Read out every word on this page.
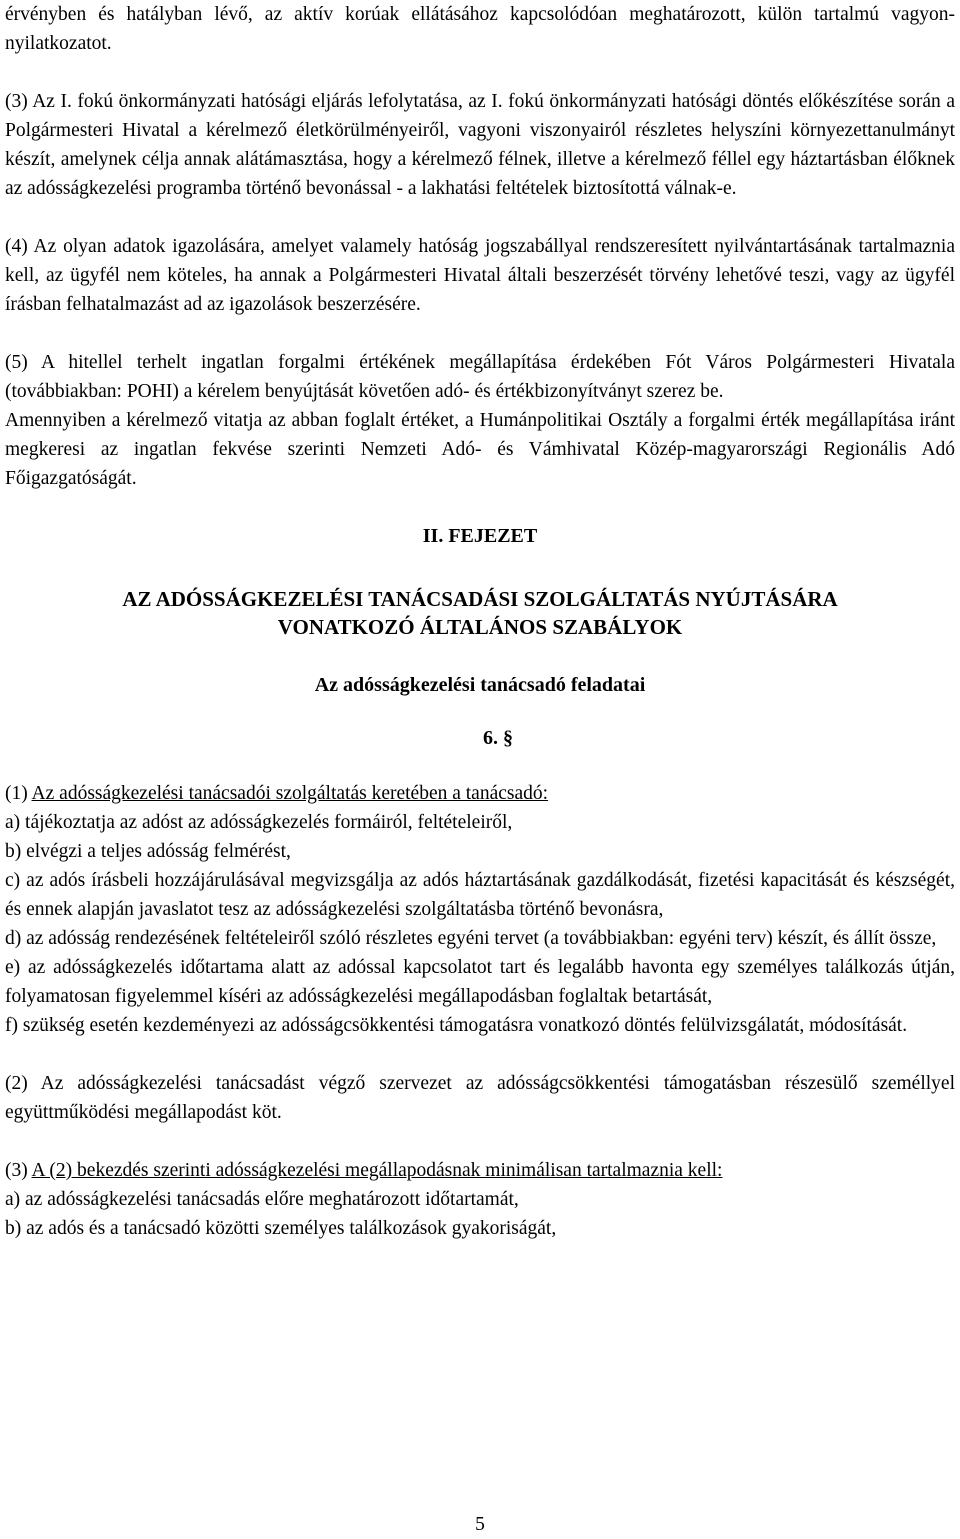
érvényben és hatályban lévő, az aktív korúak ellátásához kapcsolódóan meghatározott, külön tartalmú vagyon-nyilatkozatot.

(3) Az I. fokú önkormányzati hatósági eljárás lefolytatása, az I. fokú önkormányzati hatósági döntés előkészítése során a Polgármesteri Hivatal a kérelmező életkörülményeiről, vagyoni viszonyairól részletes helyszíni környezettanulmányt készít, amelynek célja annak alátámasztása, hogy a kérelmező félnek, illetve a kérelmező féllel egy háztartásban élőknek az adósságkezelési programba történő bevonással - a lakhatási feltételek biztosítottá válnak-e.

(4) Az olyan adatok igazolására, amelyet valamely hatóság jogszabállyal rendszeresített nyilvántartásának tartalmaznia kell, az ügyfél nem köteles, ha annak a Polgármesteri Hivatal általi beszerzését törvény lehetővé teszi, vagy az ügyfél írásban felhatalmazást ad az igazolások beszerzésére.

(5) A hitellel terhelt ingatlan forgalmi értékének megállapítása érdekében Fót Város Polgármesteri Hivatala (továbbiakban: POHI) a kérelem benyújtását követően adó- és értékbizonyítványt szerez be.

Amennyiben a kérelmező vitatja az abban foglalt értéket, a Humánpolitikai Osztály a forgalmi érték megállapítása iránt megkeresi az ingatlan fekvése szerinti Nemzeti Adó- és Vámhivatal Közép-magyarországi Regionális Adó Főigazgatóságát.

II. FEJEZET
AZ ADÓSSÁGKEZELÉSI TANÁCSADÁSI SZOLGÁLTATÁS NYÚJTÁSÁRA
VONATKOZÓ ÁLTALÁNOS SZABÁLYOK
Az adósságkezelési tanácsadó feladatai
6. §

(1) Az adósságkezelési tanácsadói szolgáltatás keretében a tanácsadó:

a) tájékoztatja az adóst az adósságkezelés formáiról, feltételeiről,

b) elvégzi a teljes adósság felmérést,

c) az adós írásbeli hozzájárulásával megvizsgálja az adós háztartásának gazdálkodását, fizetési kapacitását és készségét, és ennek alapján javaslatot tesz az adósságkezelési szolgáltatásba történő bevonásra,

d) az adósság rendezésének feltételeiről szóló részletes egyéni tervet (a továbbiakban: egyéni terv) készít, és állít össze,

e) az adósságkezelés időtartama alatt az adóssal kapcsolatot tart és legalább havonta egy személyes találkozás útján, folyamatosan figyelemmel kíséri az adósságkezelési megállapodásban foglaltak betartását,

f) szükség esetén kezdeményezi az adósságcsökkentési támogatásra vonatkozó döntés felülvizsgálatát, módosítását.

(2) Az adósságkezelési tanácsadást végző szervezet az adósságcsökkentési támogatásban részesülő személlyel együttműködési megállapodást köt.

(3) A (2) bekezdés szerinti adósságkezelési megállapodásnak minimálisan tartalmaznia kell:

a) az adósságkezelési tanácsadás előre meghatározott időtartamát,

b) az adós és a tanácsadó közötti személyes találkozások gyakoriságát,

5
